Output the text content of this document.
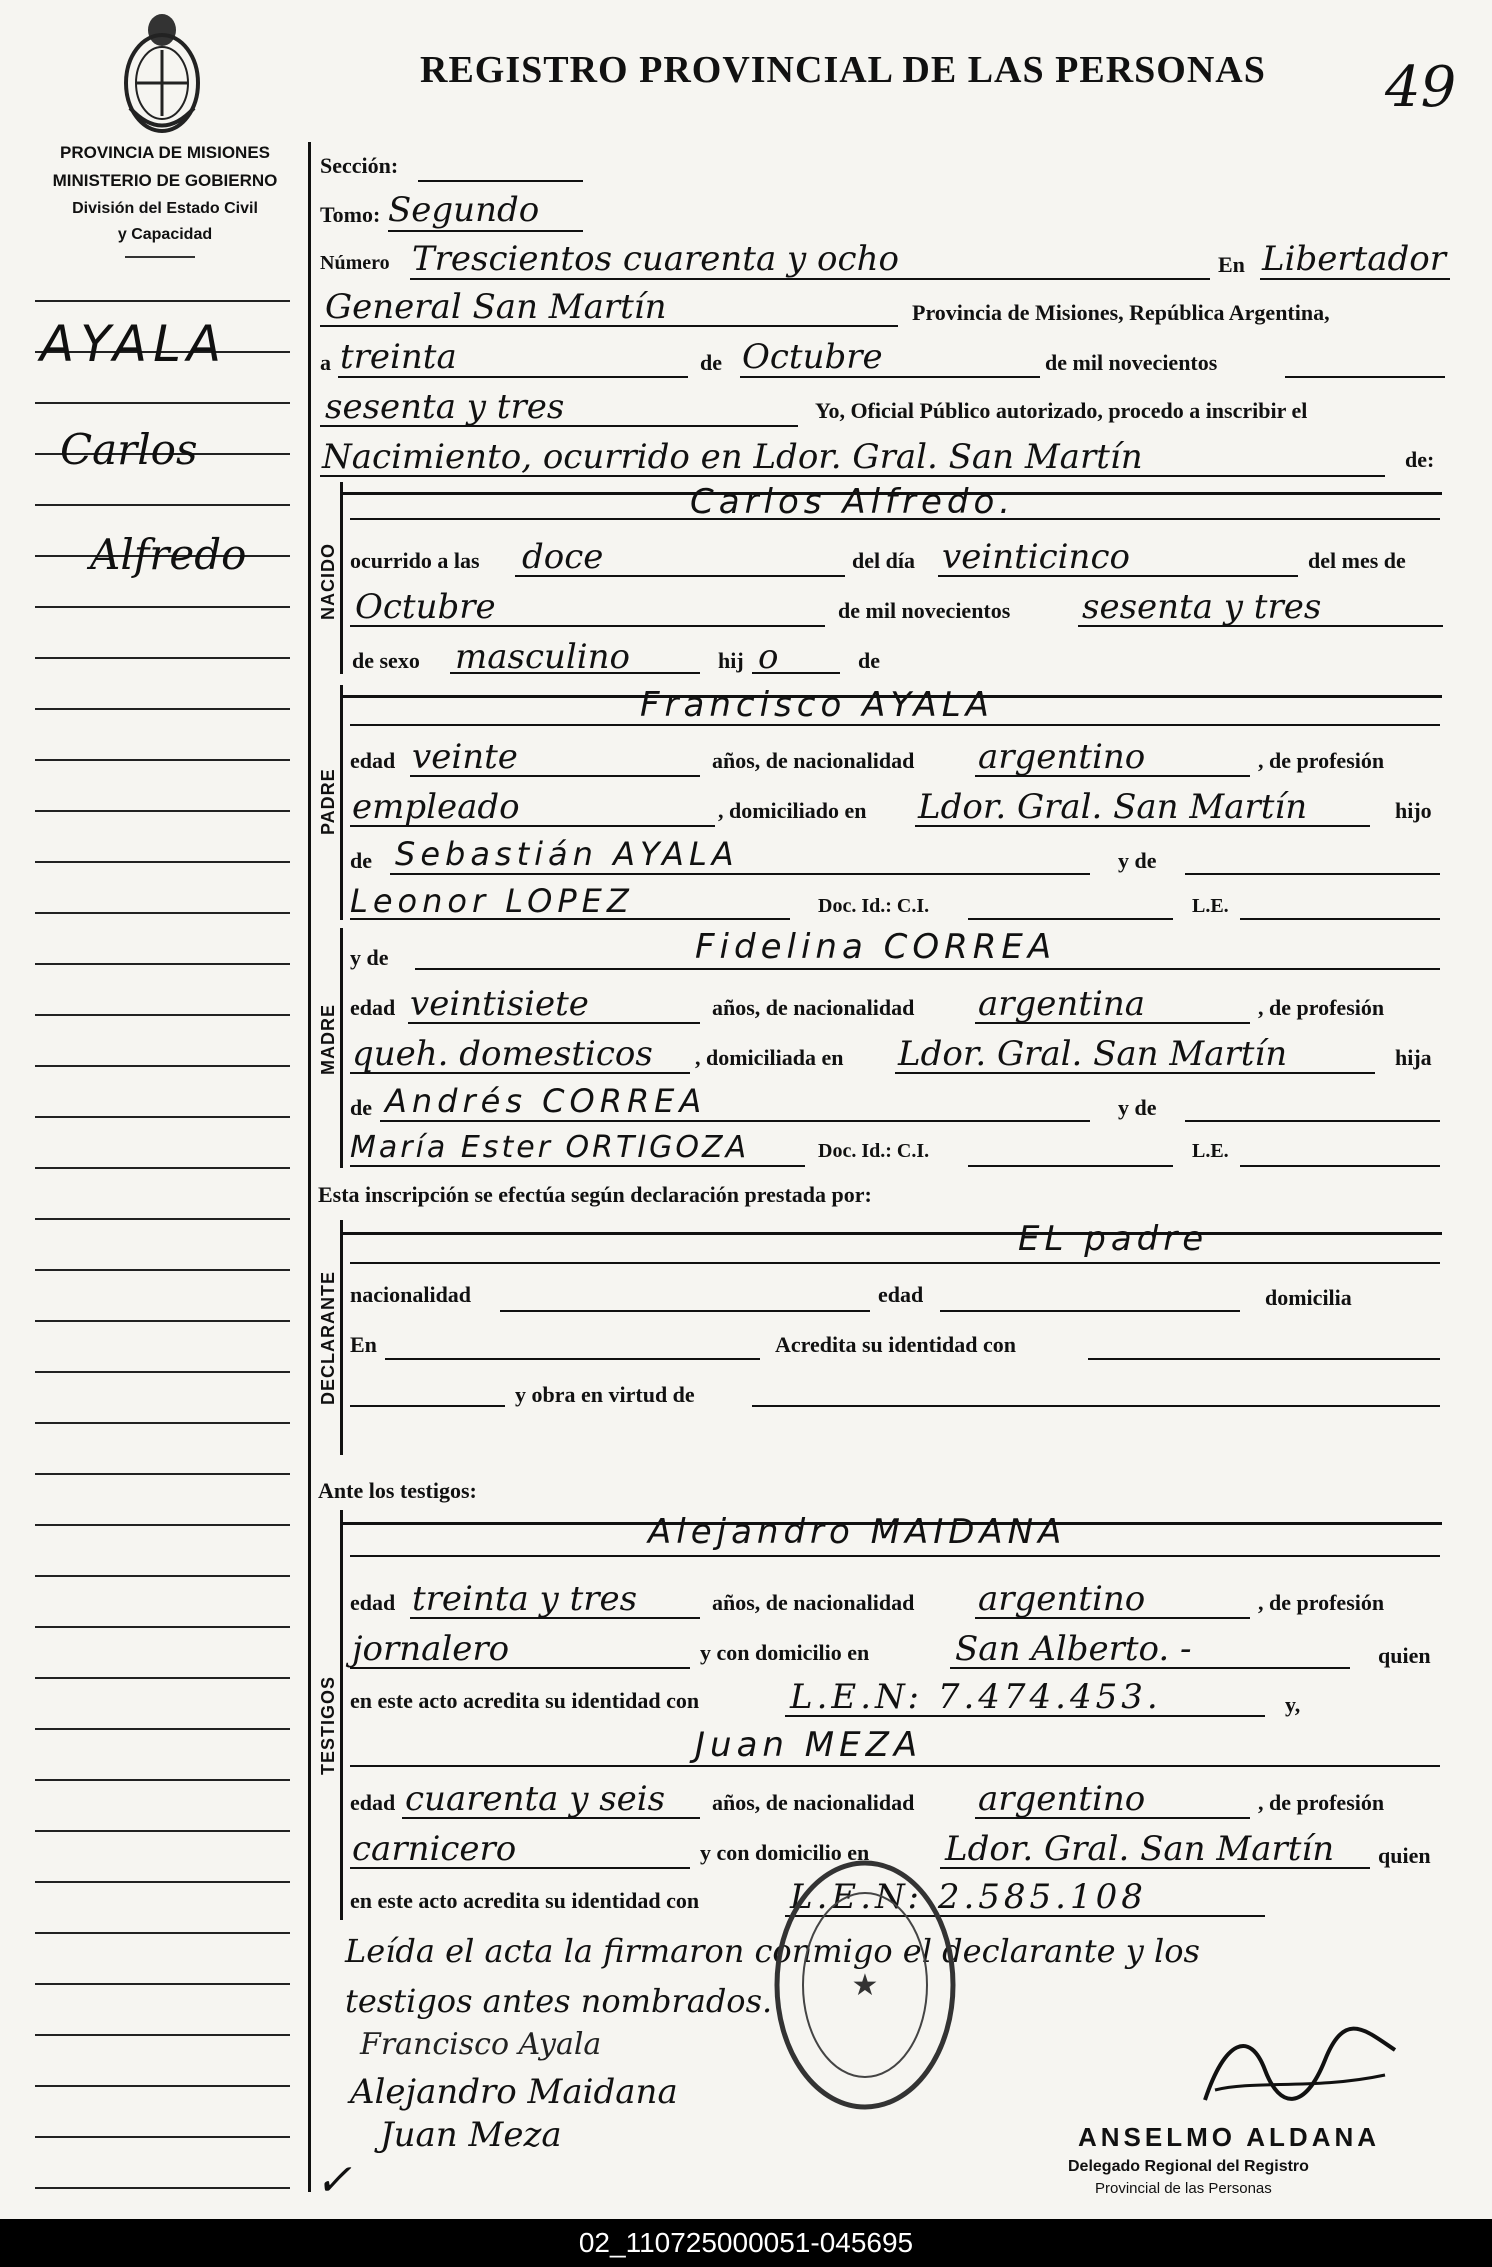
REGISTRO PROVINCIAL DE LAS PERSONAS 49
PROVINCIA DE MISIONES
MINISTERIO DE GOBIERNO
División del Estado Civil
y Capacidad
AYALA
Carlos
Alfredo
Sección:
Tomo: Segundo
Número Trescientos cuarenta y ocho	En Libertador
General San Martín	Provincia de Misiones, República Argentina,
a treinta	de Octubre	de mil novecientos
sesenta y tres	Yo, Oficial Público autorizado, procedo a inscribir el
Nacimiento, ocurrido en Ldor. Gral. San Martín	de:
NACIDO
Carlos Alfredo.
ocurrido a las doce	del día veinticinco	del mes de
Octubre	de mil novecientos sesenta y tres
de sexo masculino	hij o	de
PADRE
Francisco AYALA
edad veinte	años, de nacionalidad argentino	, de profesión
empleado	, domiciliado en Ldor. Gral. San Martín	hijo
de Sebastián AYALA	y de
Leonor LOPEZ	Doc. Id.: C.I.	L.E.
MADRE
y de	Fidelina CORREA
edad veintisiete	años, de nacionalidad argentina	, de profesión
queh. domesticos , domiciliada en Ldor. Gral. San Martín	hija
de Andrés CORREA	y de
María Ester ORTIGOZA	Doc. Id.: C.I.	L.E.
Esta inscripción se efectúa según declaración prestada por:
DECLARANTE
EL padre
nacionalidad	edad	domicilia
En	Acredita su identidad con
y obra en virtud de
Ante los testigos:
TESTIGOS
Alejandro MAIDANA
edad treinta y tres	años, de nacionalidad argentino	, de profesión
jornalero	y con domicilio en	San Alberto. -	quien
en este acto acredita su identidad con	L.E.N: 7.474.453.	y,
Juan MEZA
edad cuarenta y seis años, de nacionalidad argentino	, de profesión
carnicero	y con domicilio en Ldor. Gral. San Martín quien
en este acto acredita su identidad con	L.E.N: 2.585.108
Leída el acta la firmaron conmigo el declarante y los
testigos antes nombrados.
Francisco Ayala
Alejandro Maidana
Juan Meza
★
ANSELMO ALDANA
Delegado Regional del Registro
Provincial de las Personas
✓
02_110725000051-045695
